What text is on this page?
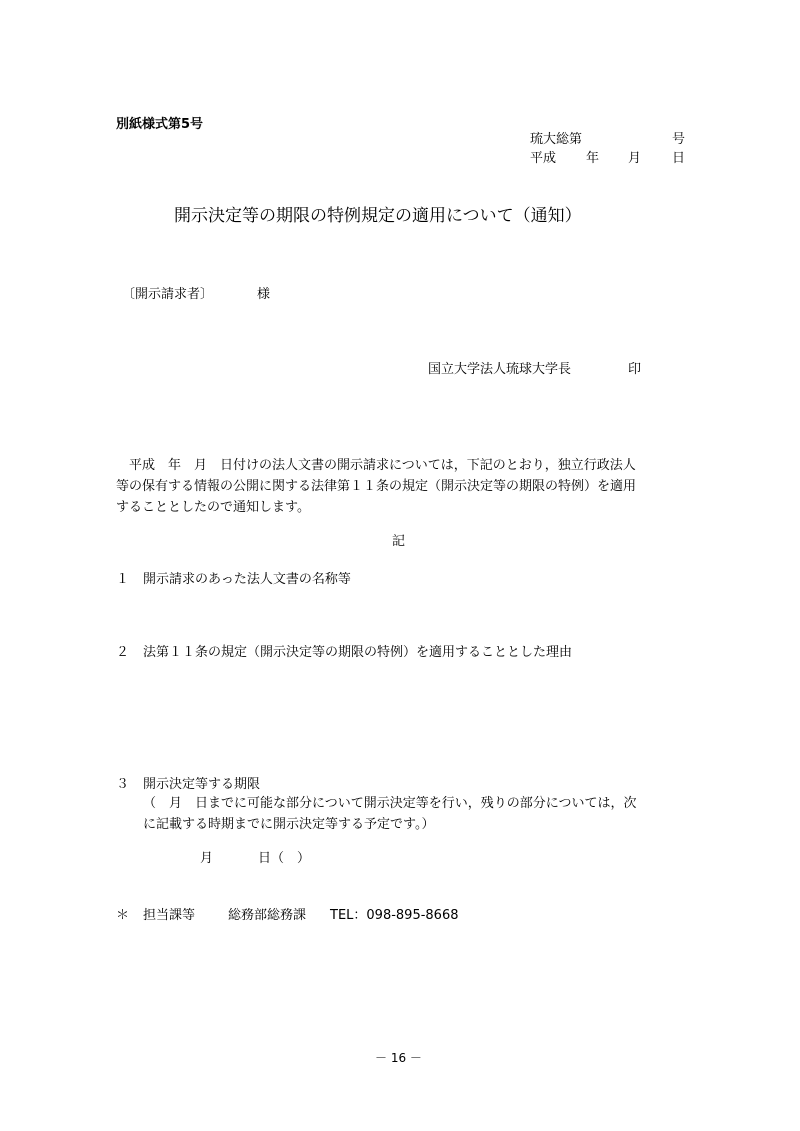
別紙様式第5号
琉大総第	号
平成 年 月 日
開示決定等の期限の特例規定の適用について（通知）
〔開示請求者〕	様
国立大学法人琉球大学長	印
　平成　年　月　日付けの法人文書の開示請求については，下記のとおり，独立行政法人
等の保有する情報の公開に関する法律第１１条の規定（開示決定等の期限の特例）を適用
することとしたので通知します。
記
１ 開示請求のあった法人文書の名称等
２ 法第１１条の規定（開示決定等の期限の特例）を適用することとした理由
３ 開示決定等する期限
（　月　日までに可能な部分について開示決定等を行い，残りの部分については，次
に記載する時期までに開示決定等する予定です。）
月	日（　）
＊ 担当課等	総務部総務課 TEL：098-895-8668
－ 16 －
